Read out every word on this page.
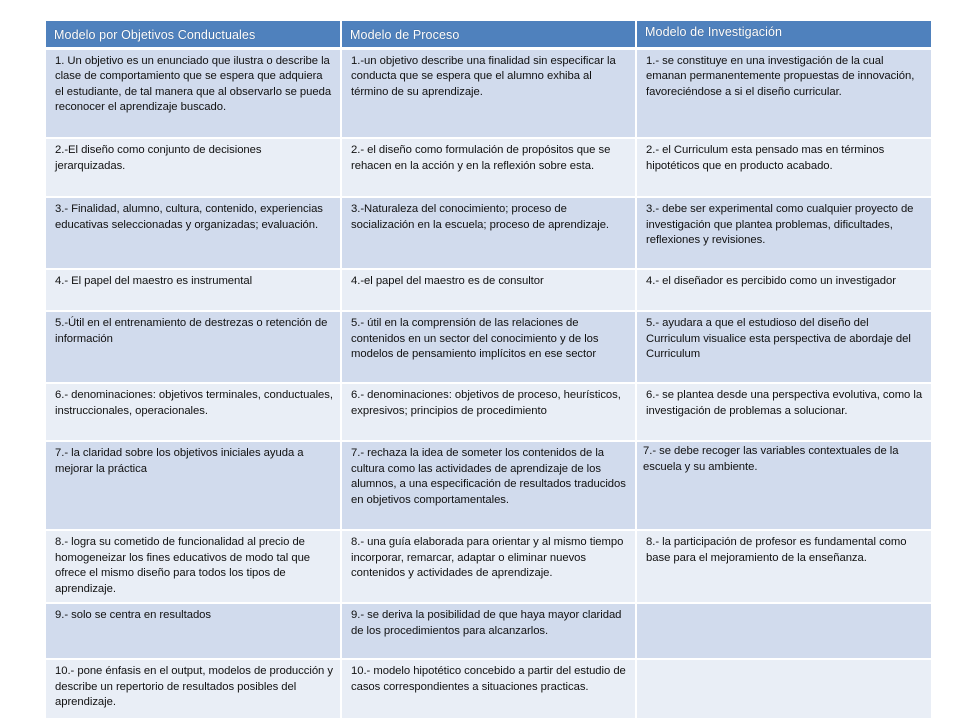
Modelo por Objetivos Conductuales	Modelo de Proceso	Modelo de Investigación
1. Un objetivo es un enunciado que ilustra o describe la clase de comportamiento que se espera que adquiera el estudiante, de tal manera que al observarlo se pueda reconocer el aprendizaje buscado.	1.-un objetivo describe una finalidad sin especificar la conducta que se espera que el alumno exhiba al término de su aprendizaje.	1.- se constituye en una investigación de la cual emanan permanentemente propuestas de innovación, favoreciéndose a si el diseño curricular.
2.-El diseño como conjunto de decisiones jerarquizadas.	2.- el diseño como formulación de propósitos que se rehacen en la acción y en la reflexión sobre esta.	2.- el Curriculum esta pensado mas en términos hipotéticos que en producto acabado.
3.- Finalidad, alumno, cultura, contenido, experiencias educativas seleccionadas y organizadas; evaluación.	3.-Naturaleza del conocimiento; proceso de socialización en la escuela; proceso de aprendizaje.	3.- debe ser experimental como cualquier proyecto de investigación que plantea problemas, dificultades, reflexiones y revisiones.
4.- El papel del maestro es instrumental	4.-el papel del maestro es de consultor	4.- el diseñador es percibido como un investigador
5.-Útil en el entrenamiento de destrezas o retención de información	5.- útil en la comprensión de las relaciones de contenidos en un sector del conocimiento y de los modelos de pensamiento implícitos en ese sector	5.- ayudara a que el estudioso del diseño del Curriculum visualice esta perspectiva de abordaje del Curriculum
6.- denominaciones: objetivos terminales, conductuales, instruccionales, operacionales.	6.- denominaciones: objetivos de proceso, heurísticos, expresivos; principios de procedimiento	6.- se plantea desde una perspectiva evolutiva, como la investigación de problemas a solucionar.
7.- la claridad sobre los objetivos iniciales ayuda a mejorar la práctica	7.- rechaza la idea de someter los contenidos de la cultura como las actividades de aprendizaje de los alumnos, a una especificación de resultados traducidos en objetivos comportamentales.	7.- se debe recoger las variables contextuales de la escuela y su ambiente.
8.- logra su cometido de funcionalidad al precio de homogeneizar los fines educativos de modo tal que ofrece el mismo diseño para todos los tipos de aprendizaje.	8.- una guía elaborada para orientar y al mismo tiempo incorporar, remarcar, adaptar o eliminar nuevos contenidos y actividades de aprendizaje.	8.- la participación de profesor es fundamental como base para el mejoramiento de la enseñanza.
9.- solo se centra en resultados	9.- se deriva la posibilidad de que haya mayor claridad de los procedimientos para alcanzarlos.	
10.- pone énfasis en el output, modelos de producción y describe un repertorio de resultados posibles del aprendizaje.	10.- modelo hipotético concebido a partir del estudio de casos correspondientes a situaciones practicas.	
